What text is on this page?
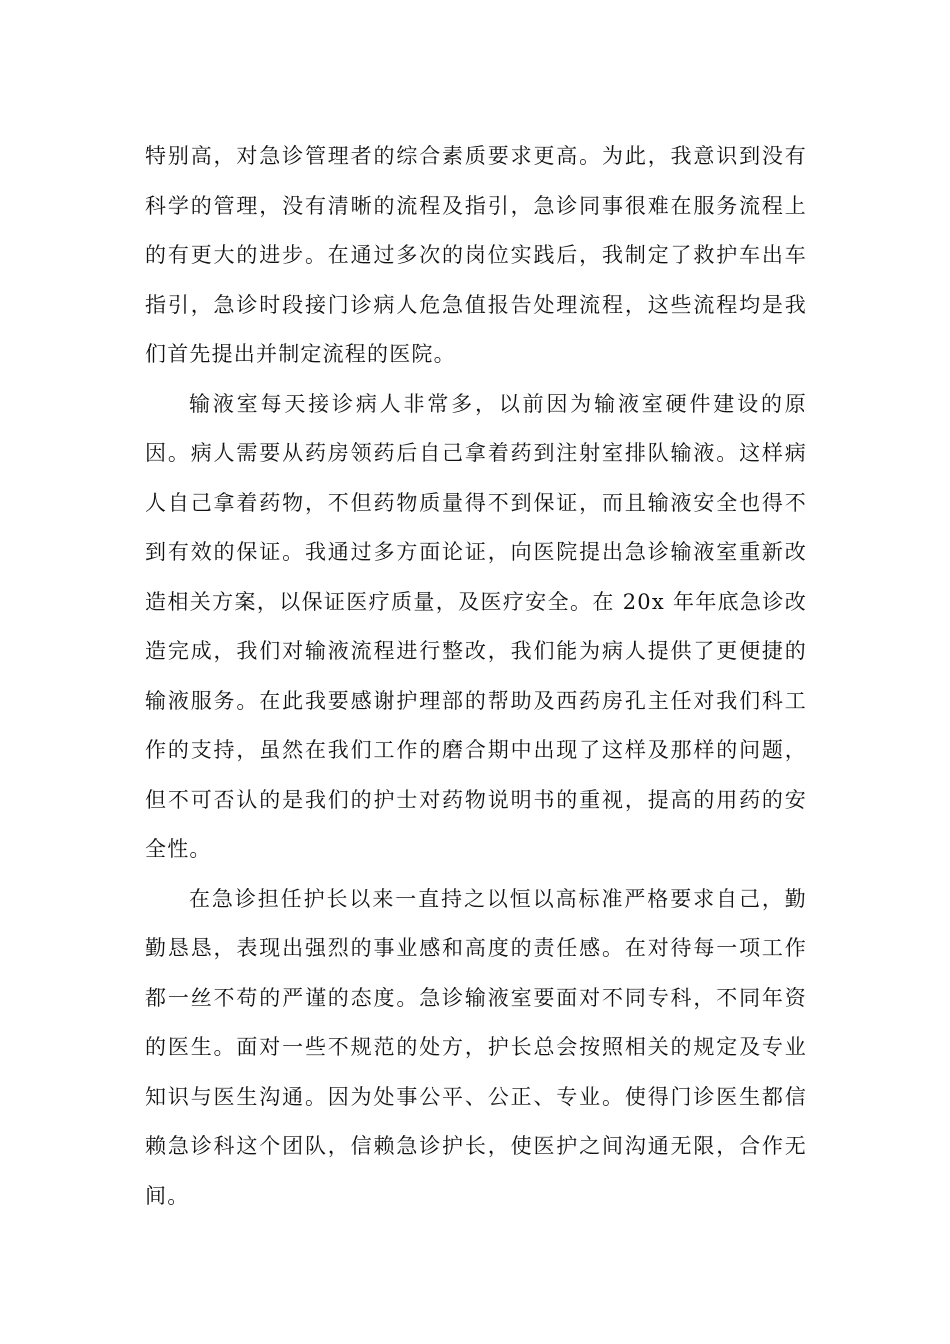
特别高，对急诊管理者的综合素质要求更高。为此，我意识到没有科学的管理，没有清晰的流程及指引，急诊同事很难在服务流程上的有更大的进步。在通过多次的岗位实践后，我制定了救护车出车指引，急诊时段接门诊病人危急值报告处理流程，这些流程均是我们首先提出并制定流程的医院。

输液室每天接诊病人非常多，以前因为输液室硬件建设的原因。病人需要从药房领药后自己拿着药到注射室排队输液。这样病人自己拿着药物，不但药物质量得不到保证，而且输液安全也得不到有效的保证。我通过多方面论证，向医院提出急诊输液室重新改造相关方案，以保证医疗质量，及医疗安全。在 20x 年年底急诊改造完成，我们对输液流程进行整改，我们能为病人提供了更便捷的输液服务。在此我要感谢护理部的帮助及西药房孔主任对我们科工作的支持，虽然在我们工作的磨合期中出现了这样及那样的问题，但不可否认的是我们的护士对药物说明书的重视，提高的用药的安全性。

在急诊担任护长以来一直持之以恒以高标准严格要求自己，勤勤恳恳，表现出强烈的事业感和高度的责任感。在对待每一项工作都一丝不苟的严谨的态度。急诊输液室要面对不同专科，不同年资的医生。面对一些不规范的处方，护长总会按照相关的规定及专业知识与医生沟通。因为处事公平、公正、专业。使得门诊医生都信赖急诊科这个团队，信赖急诊护长，使医护之间沟通无限，合作无间。
